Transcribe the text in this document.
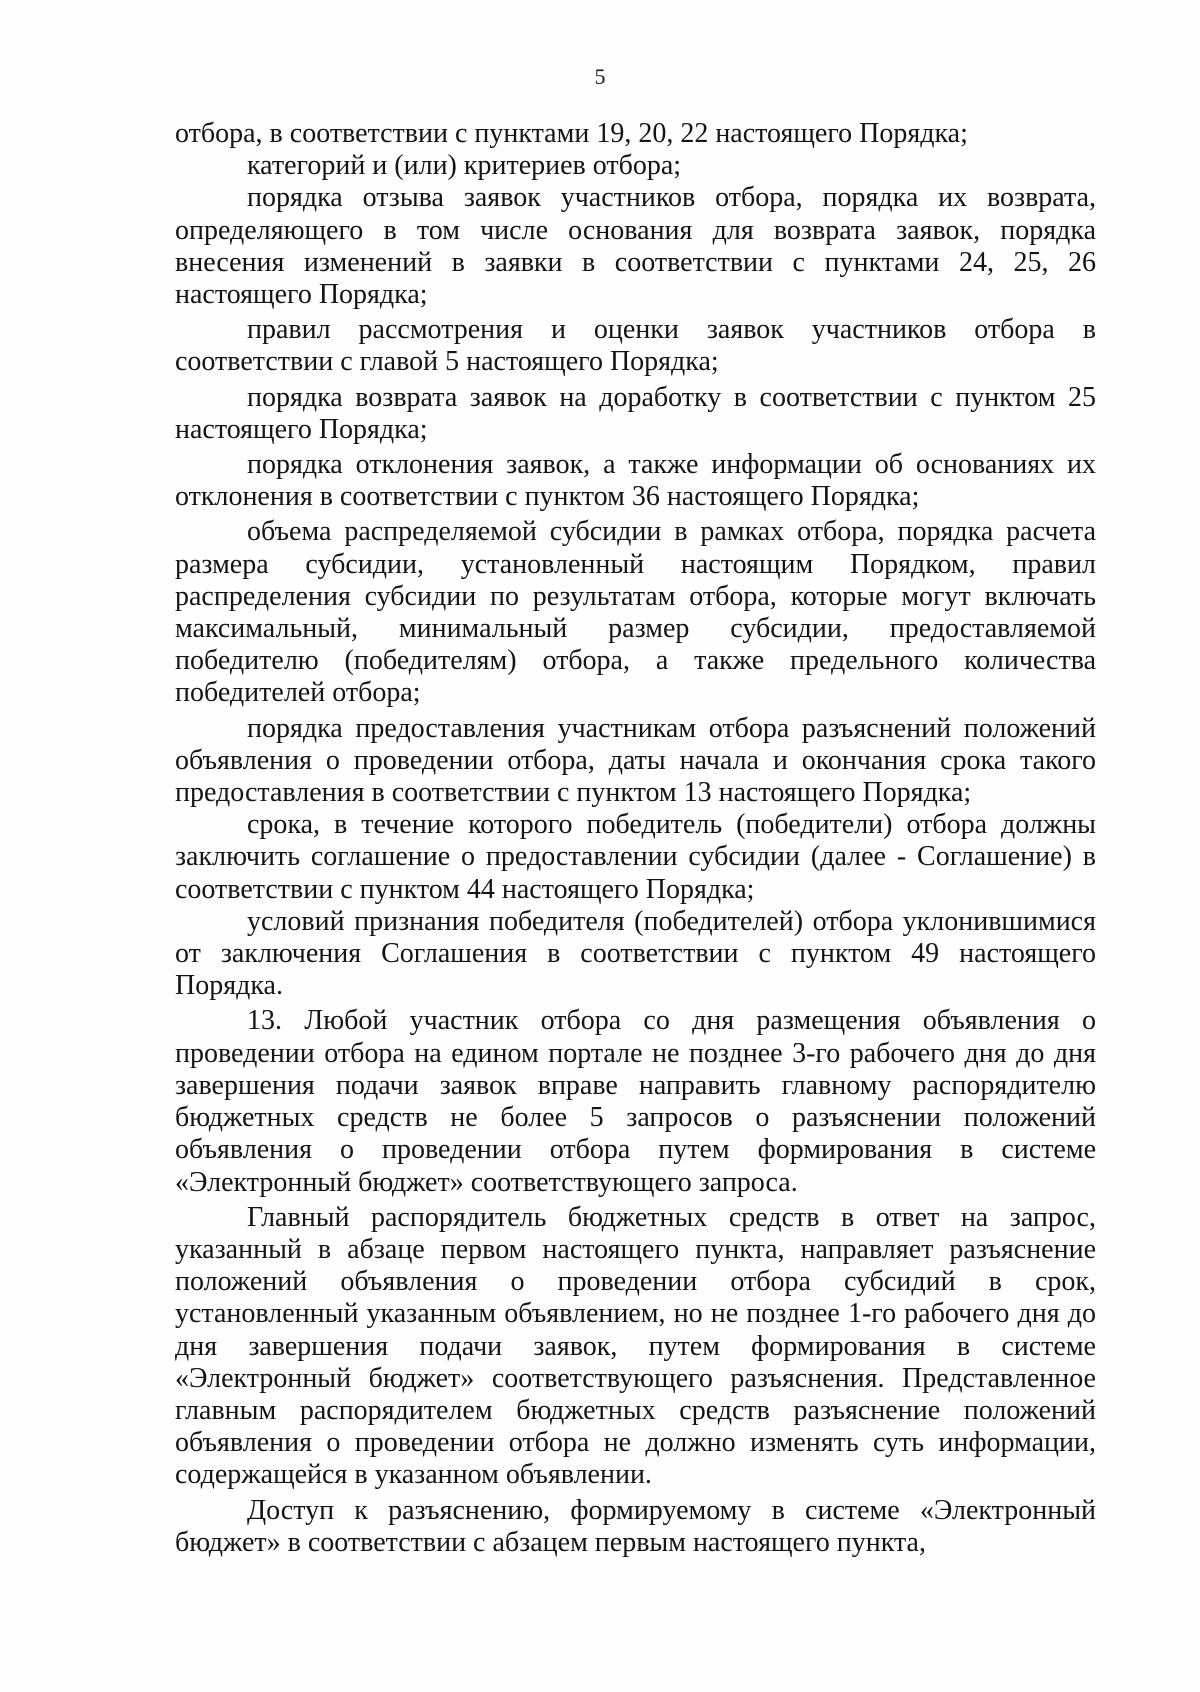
5

отбора, в соответствии с пунктами 19, 20, 22 настоящего Порядка;

категорий и (или) критериев отбора;

порядка отзыва заявок участников отбора, порядка их возврата, определяющего в том числе основания для возврата заявок, порядка внесения изменений в заявки в соответствии с пунктами 24, 25, 26 настоящего Порядка;

правил рассмотрения и оценки заявок участников отбора в соответствии с главой 5 настоящего Порядка;

порядка возврата заявок на доработку в соответствии с пунктом 25 настоящего Порядка;

порядка отклонения заявок, а также информации об основаниях их отклонения в соответствии с пунктом 36 настоящего Порядка;

объема распределяемой субсидии в рамках отбора, порядка расчета размера субсидии, установленный настоящим Порядком, правил распределения субсидии по результатам отбора, которые могут включать максимальный, минимальный размер субсидии, предоставляемой победителю (победителям) отбора, а также предельного количества победителей отбора;

порядка предоставления участникам отбора разъяснений положений объявления о проведении отбора, даты начала и окончания срока такого предоставления в соответствии с пунктом 13 настоящего Порядка;

срока, в течение которого победитель (победители) отбора должны заключить соглашение о предоставлении субсидии (далее - Соглашение) в соответствии с пунктом 44 настоящего Порядка;

условий признания победителя (победителей) отбора уклонившимися от заключения Соглашения в соответствии с пунктом 49 настоящего Порядка.

13. Любой участник отбора со дня размещения объявления о проведении отбора на едином портале не позднее 3-го рабочего дня до дня завершения подачи заявок вправе направить главному распорядителю бюджетных средств не более 5 запросов о разъяснении положений объявления о проведении отбора путем формирования в системе «Электронный бюджет» соответствующего запроса.

Главный распорядитель бюджетных средств в ответ на запрос, указанный в абзаце первом настоящего пункта, направляет разъяснение положений объявления о проведении отбора субсидий в срок, установленный указанным объявлением, но не позднее 1-го рабочего дня до дня завершения подачи заявок, путем формирования в системе «Электронный бюджет» соответствующего разъяснения. Представленное главным распорядителем бюджетных средств разъяснение положений объявления о проведении отбора не должно изменять суть информации, содержащейся в указанном объявлении.

Доступ к разъяснению, формируемому в системе «Электронный бюджет» в соответствии с абзацем первым настоящего пункта,
